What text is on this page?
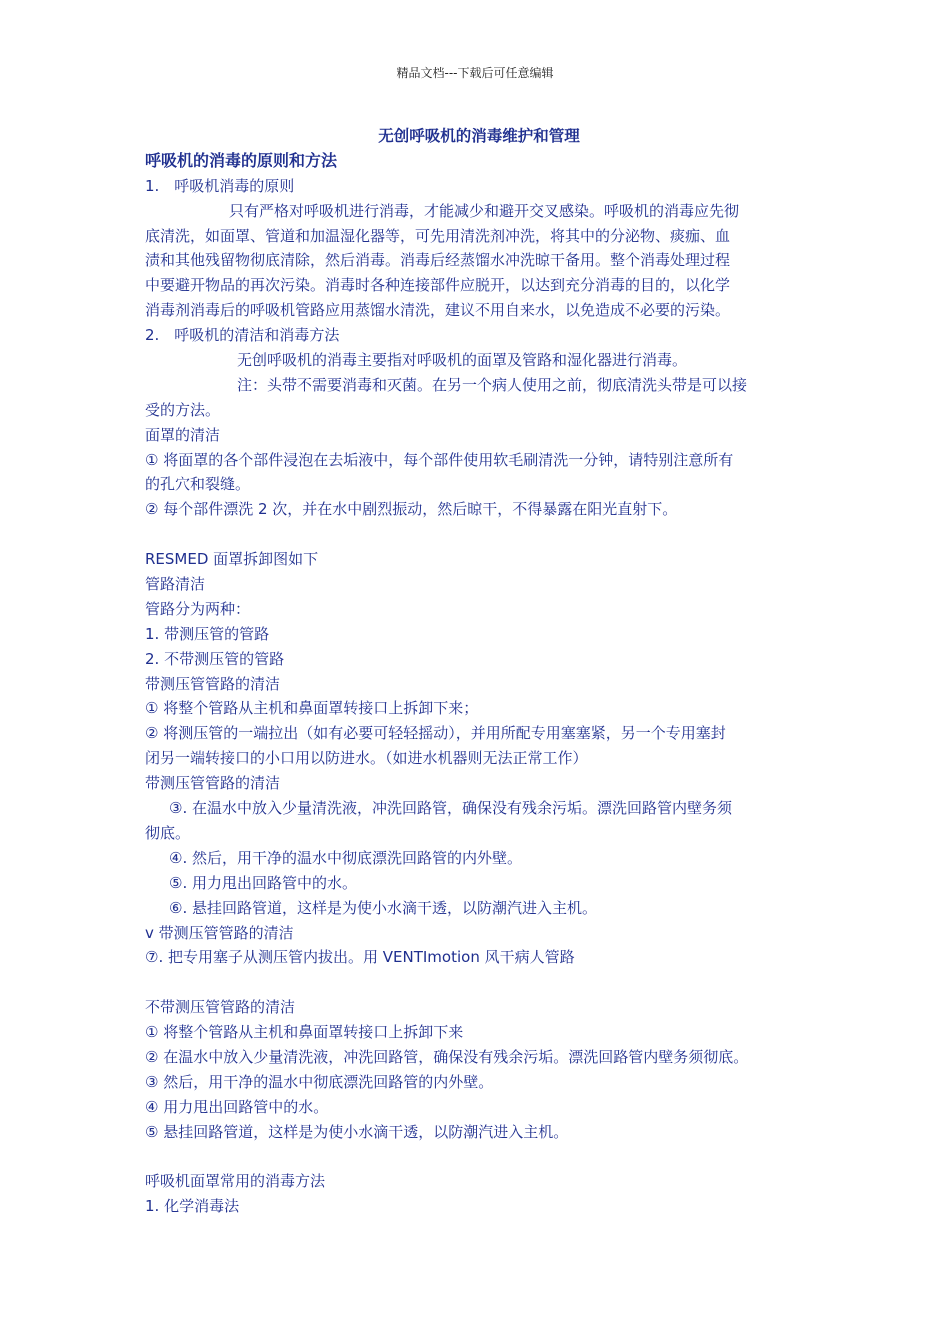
精品文档---下载后可任意编辑

无创呼吸机的消毒维护和管理

呼吸机的消毒的原则和方法

1.　呼吸机消毒的原则

只有严格对呼吸机进行消毒，才能减少和避开交叉感染。呼吸机的消毒应先彻

底清洗，如面罩、管道和加温湿化器等，可先用清洗剂冲洗，将其中的分泌物、痰痂、血

渍和其他残留物彻底清除，然后消毒。消毒后经蒸馏水冲洗晾干备用。整个消毒处理过程

中要避开物品的再次污染。消毒时各种连接部件应脱开，以达到充分消毒的目的，以化学

消毒剂消毒后的呼吸机管路应用蒸馏水清洗，建议不用自来水，以免造成不必要的污染。

2.　呼吸机的清洁和消毒方法

无创呼吸机的消毒主要指对呼吸机的面罩及管路和湿化器进行消毒。

注：头带不需要消毒和灭菌。在另一个病人使用之前，彻底清洗头带是可以接

受的方法。

面罩的清洁

① 将面罩的各个部件浸泡在去垢液中，每个部件使用软毛刷清洗一分钟，请特别注意所有

的孔穴和裂缝。

② 每个部件漂洗 2 次，并在水中剧烈振动，然后晾干，不得暴露在阳光直射下。

RESMED 面罩拆卸图如下

管路清洁

管路分为两种：

1. 带测压管的管路

2. 不带测压管的管路

带测压管管路的清洁

① 将整个管路从主机和鼻面罩转接口上拆卸下来；

② 将测压管的一端拉出（如有必要可轻轻摇动），并用所配专用塞塞紧，另一个专用塞封

闭另一端转接口的小口用以防进水。（如进水机器则无法正常工作）

带测压管管路的清洁

③. 在温水中放入少量清洗液，冲洗回路管，确保没有残余污垢。漂洗回路管内壁务须

彻底。

④. 然后，用干净的温水中彻底漂洗回路管的内外壁。

⑤. 用力甩出回路管中的水。

⑥. 悬挂回路管道，这样是为使小水滴干透，以防潮汽进入主机。

v 带测压管管路的清洁

⑦. 把专用塞子从测压管内拔出。用 VENTImotion 风干病人管路

不带测压管管路的清洁

① 将整个管路从主机和鼻面罩转接口上拆卸下来

② 在温水中放入少量清洗液，冲洗回路管，确保没有残余污垢。漂洗回路管内壁务须彻底。

③ 然后，用干净的温水中彻底漂洗回路管的内外壁。

④ 用力甩出回路管中的水。

⑤ 悬挂回路管道，这样是为使小水滴干透，以防潮汽进入主机。

呼吸机面罩常用的消毒方法

1. 化学消毒法
